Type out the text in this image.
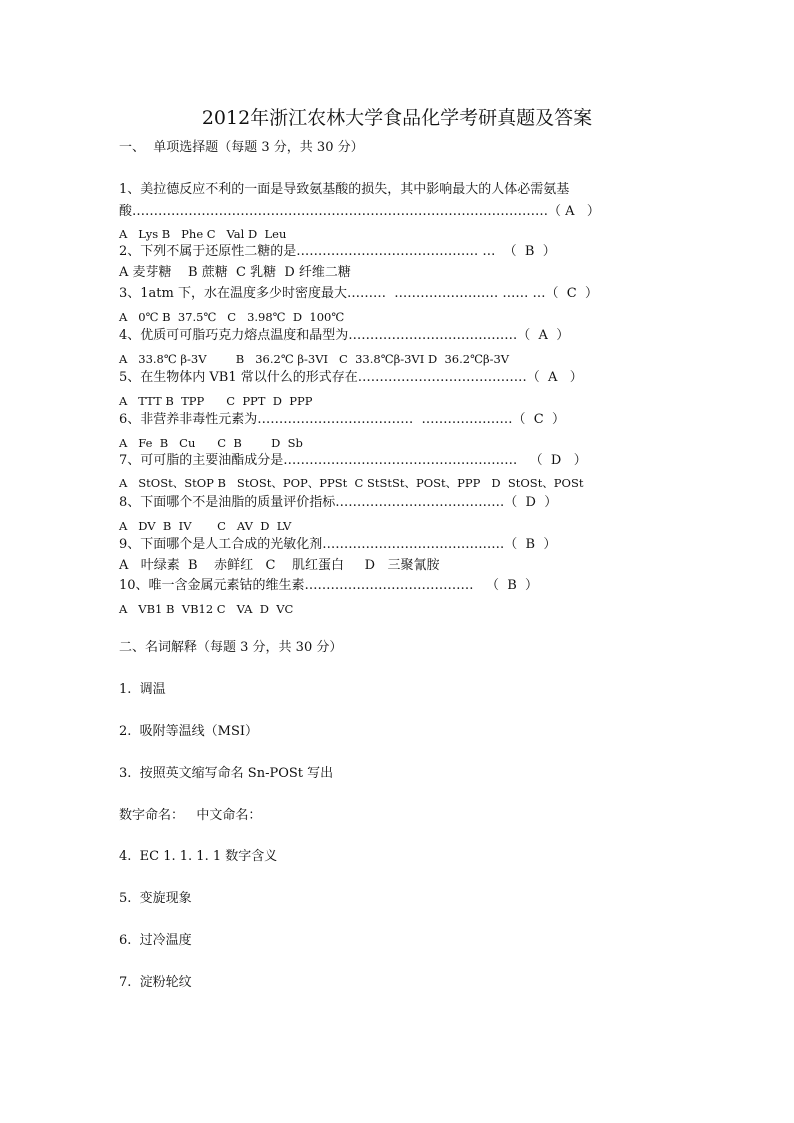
2012年浙江农林大学食品化学考研真题及答案
一、  单项选择题（每题 3 分，共 30 分）
1、美拉德反应不利的一面是导致氨基酸的损失，其中影响最大的人体必需氨基
酸……………………………………………………………………………………（ A   ）
A   Lys B   Phe C   Val D  Leu
2、下列不属于还原性二糖的是…………………………………… …  （  B  ）
A 麦芽糖    B 蔗糖  C 乳糖  D 纤维二糖
3、1atm 下，水在温度多少时密度最大………  …………………… …… …（  C  ）
A   0℃ B  37.5℃   C   3.98℃  D  100℃
4、优质可可脂巧克力熔点温度和晶型为…………………………………（  A  ）
A   33.8℃ β-3V        B   36.2℃ β-3VI   C  33.8℃β-3VI D  36.2℃β-3V
5、在生物体内 VB1 常以什么的形式存在…………………………………（  A   ）
A   TTT B  TPP      C  PPT  D  PPP
6、非营养非毒性元素为………………………………  …………………（  C  ）
A   Fe  B   Cu      C  B        D  Sb
7、可可脂的主要油酯成分是………………………………………………   （  D   ）
A   StOSt、StOP B   StOSt、POP、PPSt  C StStSt、POSt、PPP   D  StOSt、POSt
8、下面哪个不是油脂的质量评价指标…………………………………（  D  ）
A   DV  B  IV       C   AV  D  LV
9、下面哪个是人工合成的光敏化剂……………………………………（  B  ）
A   叶绿素  B    赤鲜红   C    肌红蛋白     D   三聚氰胺
10、唯一含金属元素钴的维生素…………………………………   （  B  ）
A   VB1 B  VB12 C   VA  D  VC
二、名词解释（每题 3 分，共 30 分）
1.  调温
2.  吸附等温线（MSI）
3.  按照英文缩写命名 Sn-POSt 写出
数字命名：   中文命名：
4.  EC 1. 1. 1. 1 数字含义
5.  变旋现象
6.  过冷温度
7.  淀粉轮纹
